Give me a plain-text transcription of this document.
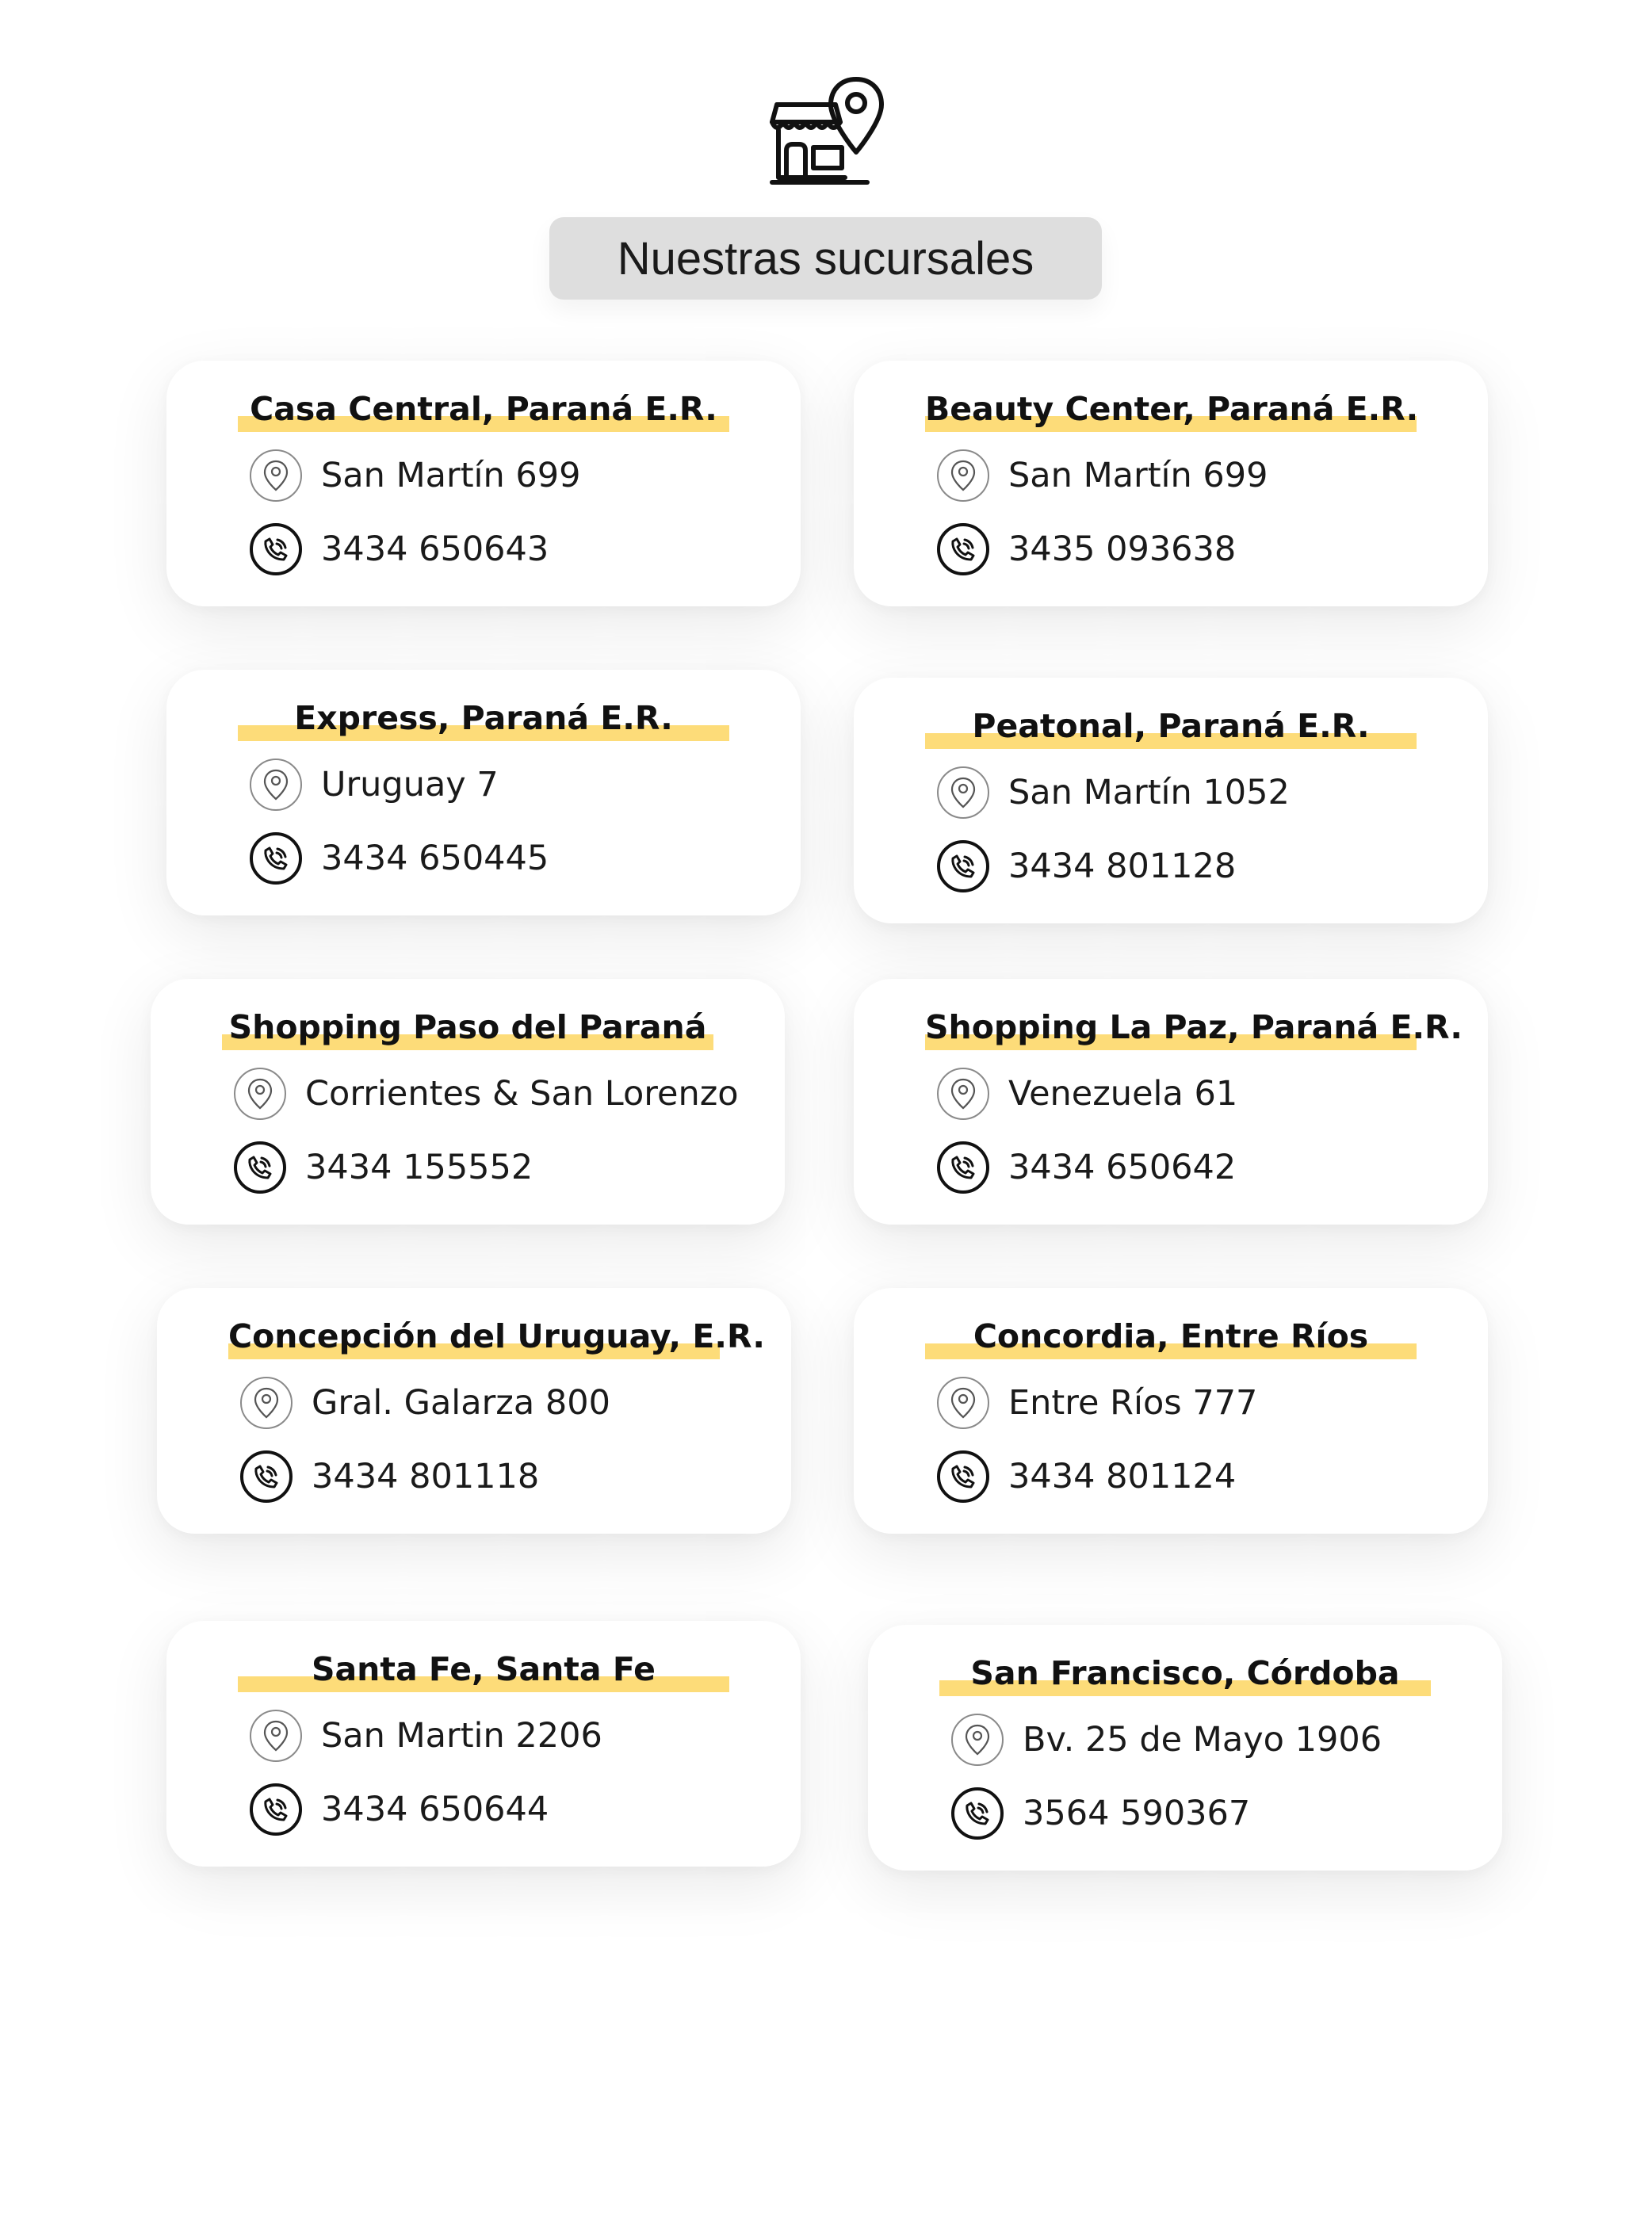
Nuestras sucursales
Casa Central, Paraná E.R.
San Martín 699
3434 650643
Beauty Center, Paraná E.R.
San Martín 699
3435 093638
Express, Paraná E.R.
Uruguay 7
3434 650445
Peatonal, Paraná E.R.
San Martín 1052
3434 801128
Shopping Paso del Paraná
Corrientes & San Lorenzo
3434 155552
Shopping La Paz, Paraná E.R.
Venezuela 61
3434 650642
Concepción del Uruguay, E.R.
Gral. Galarza 800
3434 801118
Concordia, Entre Ríos
Entre Ríos 777
3434 801124
Santa Fe, Santa Fe
San Martin 2206
3434 650644
San Francisco, Córdoba
Bv. 25 de Mayo 1906
3564 590367
